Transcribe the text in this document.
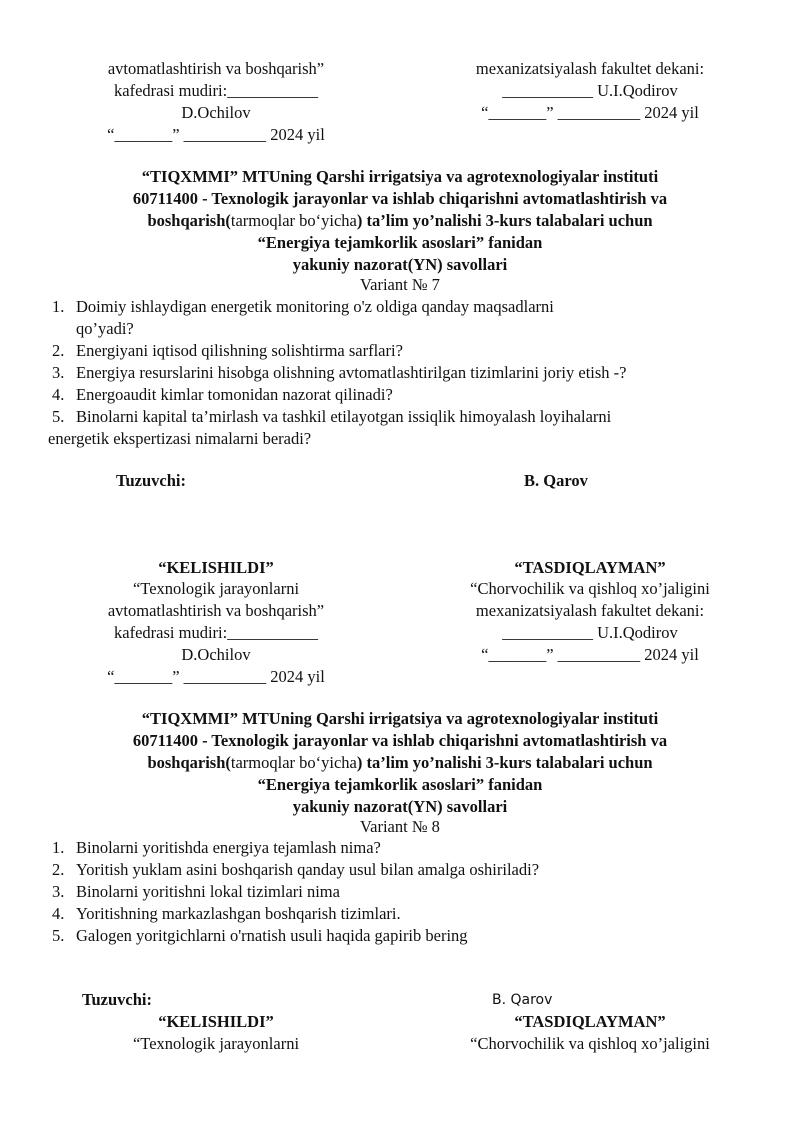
avtomatlashtirish va boshqarish”
kafedrasi mudiri:___________
D.Ochilov
“_______” __________ 2024 yil
mexanizatsiyalash fakultet dekani:
___________ U.I.Qodirov
“_______” __________ 2024 yil
“TIQXMMI” MTUning Qarshi irrigatsiya va agrotexnologiyalar instituti
60711400 - Texnologik jarayonlar va ishlab chiqarishni avtomatlashtirish va
boshqarish(tarmoqlar bo‘yicha) ta’lim yo’nalishi 3-kurs talabalari uchun
“Energiya tejamkorlik asoslari” fanidan
yakuniy nazorat(YN) savollari
Variant № 7
1. Doimiy ishlaydigan energetik monitoring o'z oldiga qanday maqsadlarni
qo’yadi?
2. Energiyani iqtisod qilishning solishtirma sarflari?
3. Energiya resurslarini hisobga olishning avtomatlashtirilgan tizimlarini joriy etish -?
4. Energoaudit kimlar tomonidan nazorat qilinadi?
5. Binolarni kapital ta’mirlash va tashkil etilayotgan issiqlik himoyalash loyihalarni
energetik ekspertizasi nimalarni beradi?
Tuzuvchi:	B. Qarov
“KELISHILDI”
“Texnologik jarayonlarni
avtomatlashtirish va boshqarish”
kafedrasi mudiri:___________
D.Ochilov
“_______” __________ 2024 yil
“TASDIQLAYMAN”
“Chorvochilik va qishloq xo’jaligini
mexanizatsiyalash fakultet dekani:
___________ U.I.Qodirov
“_______” __________ 2024 yil
“TIQXMMI” MTUning Qarshi irrigatsiya va agrotexnologiyalar instituti
60711400 - Texnologik jarayonlar va ishlab chiqarishni avtomatlashtirish va
boshqarish(tarmoqlar bo‘yicha) ta’lim yo’nalishi 3-kurs talabalari uchun
“Energiya tejamkorlik asoslari” fanidan
yakuniy nazorat(YN) savollari
Variant № 8
1. Binolarni yoritishda energiya tejamlash nima?
2. Yoritish yuklam asini boshqarish qanday usul bilan amalga oshiriladi?
3. Binolarni yoritishni lokal tizimlari nima
4. Yoritishning markazlashgan boshqarish tizimlari.
5. Galogen yoritgichlarni o'rnatish usuli haqida gapirib bering
Tuzuvchi:	B. Qarov
“KELISHILDI”
“Texnologik jarayonlarni
“TASDIQLAYMAN”
“Chorvochilik va qishloq xo’jaligini
